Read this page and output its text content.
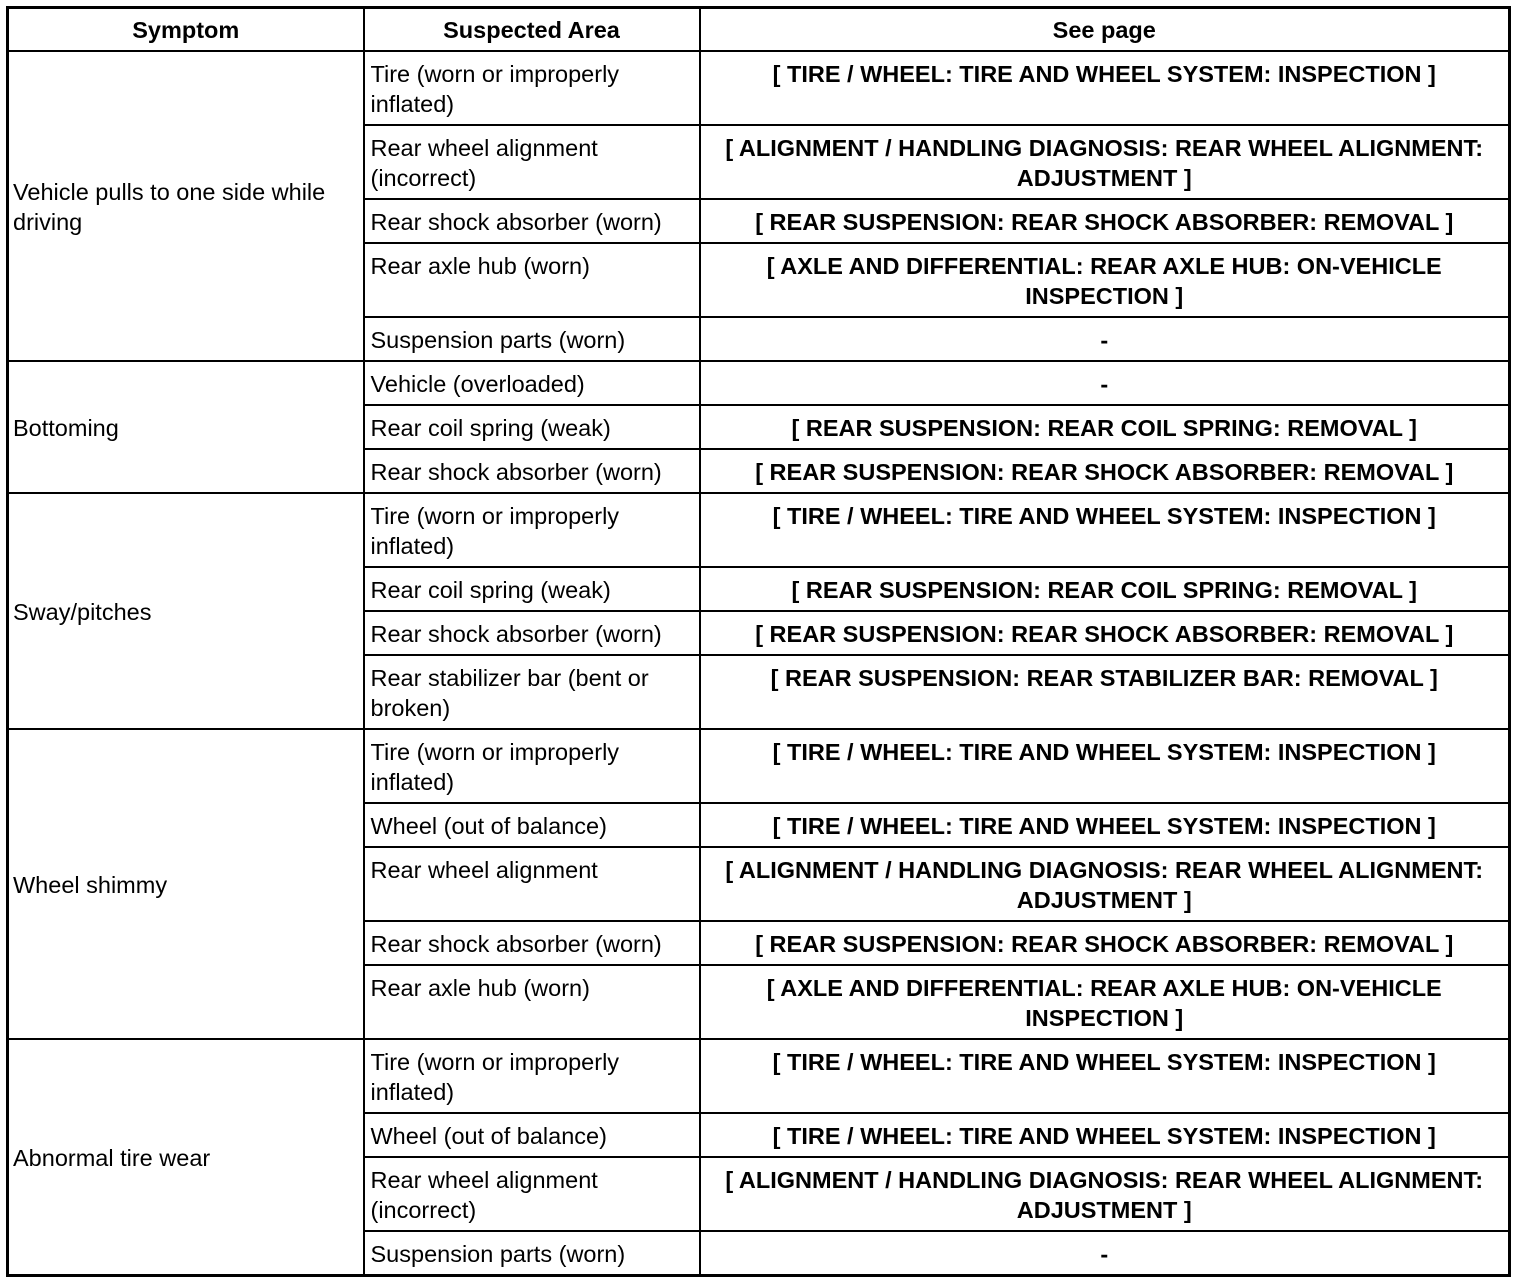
Symptom	Suspected Area	See page
Vehicle pulls to one side while driving	Tire (worn or improperly inflated)	[ TIRE / WHEEL: TIRE AND WHEEL SYSTEM: INSPECTION ]
	Rear wheel alignment (incorrect)	[ ALIGNMENT / HANDLING DIAGNOSIS: REAR WHEEL ALIGNMENT: ADJUSTMENT ]
	Rear shock absorber (worn)	[ REAR SUSPENSION: REAR SHOCK ABSORBER: REMOVAL ]
	Rear axle hub (worn)	[ AXLE AND DIFFERENTIAL: REAR AXLE HUB: ON-VEHICLE INSPECTION ]
	Suspension parts (worn)	-
Bottoming	Vehicle (overloaded)	-
	Rear coil spring (weak)	[ REAR SUSPENSION: REAR COIL SPRING: REMOVAL ]
	Rear shock absorber (worn)	[ REAR SUSPENSION: REAR SHOCK ABSORBER: REMOVAL ]
Sway/pitches	Tire (worn or improperly inflated)	[ TIRE / WHEEL: TIRE AND WHEEL SYSTEM: INSPECTION ]
	Rear coil spring (weak)	[ REAR SUSPENSION: REAR COIL SPRING: REMOVAL ]
	Rear shock absorber (worn)	[ REAR SUSPENSION: REAR SHOCK ABSORBER: REMOVAL ]
	Rear stabilizer bar (bent or broken)	[ REAR SUSPENSION: REAR STABILIZER BAR: REMOVAL ]
Wheel shimmy	Tire (worn or improperly inflated)	[ TIRE / WHEEL: TIRE AND WHEEL SYSTEM: INSPECTION ]
	Wheel (out of balance)	[ TIRE / WHEEL: TIRE AND WHEEL SYSTEM: INSPECTION ]
	Rear wheel alignment	[ ALIGNMENT / HANDLING DIAGNOSIS: REAR WHEEL ALIGNMENT: ADJUSTMENT ]
	Rear shock absorber (worn)	[ REAR SUSPENSION: REAR SHOCK ABSORBER: REMOVAL ]
	Rear axle hub (worn)	[ AXLE AND DIFFERENTIAL: REAR AXLE HUB: ON-VEHICLE INSPECTION ]
Abnormal tire wear	Tire (worn or improperly inflated)	[ TIRE / WHEEL: TIRE AND WHEEL SYSTEM: INSPECTION ]
	Wheel (out of balance)	[ TIRE / WHEEL: TIRE AND WHEEL SYSTEM: INSPECTION ]
	Rear wheel alignment (incorrect)	[ ALIGNMENT / HANDLING DIAGNOSIS: REAR WHEEL ALIGNMENT: ADJUSTMENT ]
	Suspension parts (worn)	-
